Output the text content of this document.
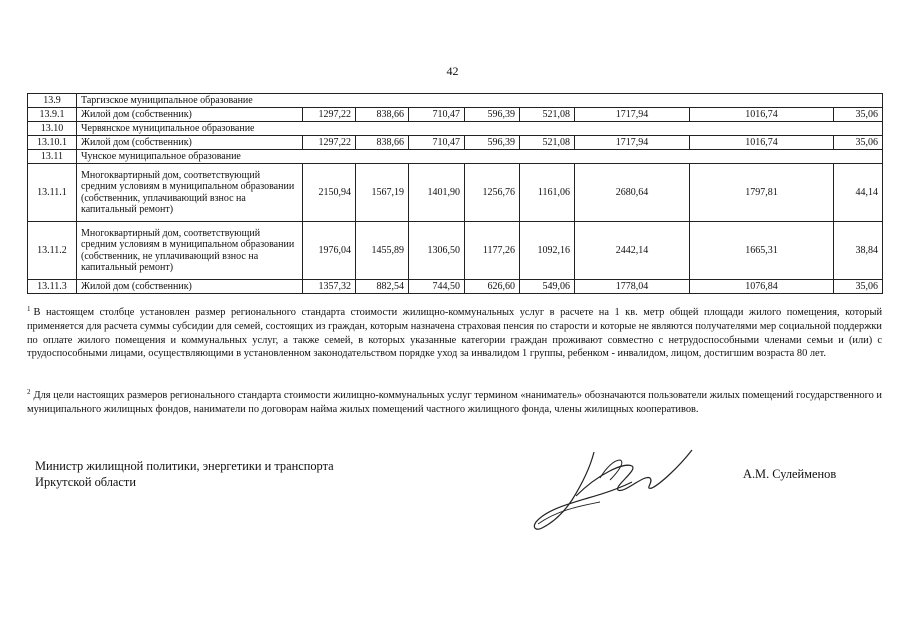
42
13.9	Таргизское муниципальное образование								
13.9.1	Жилой дом (собственник)	1297,22	838,66	710,47	596,39	521,08	1717,94	1016,74	35,06
13.10	Червянское муниципальное образование								
13.10.1	Жилой дом (собственник)	1297,22	838,66	710,47	596,39	521,08	1717,94	1016,74	35,06
13.11	Чунское муниципальное образование								
13.11.1	Многоквартирный дом, соответствующий средним условиям в муниципальном образовании (собственник, уплачивающий взнос на капитальный ремонт)	2150,94	1567,19	1401,90	1256,76	1161,06	2680,64	1797,81	44,14
13.11.2	Многоквартирный дом, соответствующий средним условиям в муниципальном образовании (собственник, не уплачивающий взнос на капитальный ремонт)	1976,04	1455,89	1306,50	1177,26	1092,16	2442,14	1665,31	38,84
13.11.3	Жилой дом (собственник)	1357,32	882,54	744,50	626,60	549,06	1778,04	1076,84	35,06

$^1$ В настоящем столбце установлен размер регионального стандарта стоимости жилищно-коммунальных услуг в расчете на 1 кв. метр общей площади жилого помещения, который применяется для расчета суммы субсидии для семей, состоящих из граждан, которым назначена страховая пенсия по старости и которые не являются получателями мер социальной поддержки по оплате жилого помещения и коммунальных услуг, а также семей, в которых указанные категории граждан проживают совместно с нетрудоспособными членами семьи и (или) с трудоспособными лицами, осуществляющими в установленном законодательством порядке уход за инвалидом 1 группы, ребенком - инвалидом, лицом, достигшим возраста 80 лет.

$^2$ Для цели настоящих размеров регионального стандарта стоимости жилищно-коммунальных услуг термином «наниматель» обозначаются пользователи жилых помещений государственного и муниципального жилищных фондов, наниматели по договорам найма жилых помещений частного жилищного фонда, члены жилищных кооперативов.

Министр жилищной политики, энергетики и транспорта
Иркутской области
А.М. Сулейменов
